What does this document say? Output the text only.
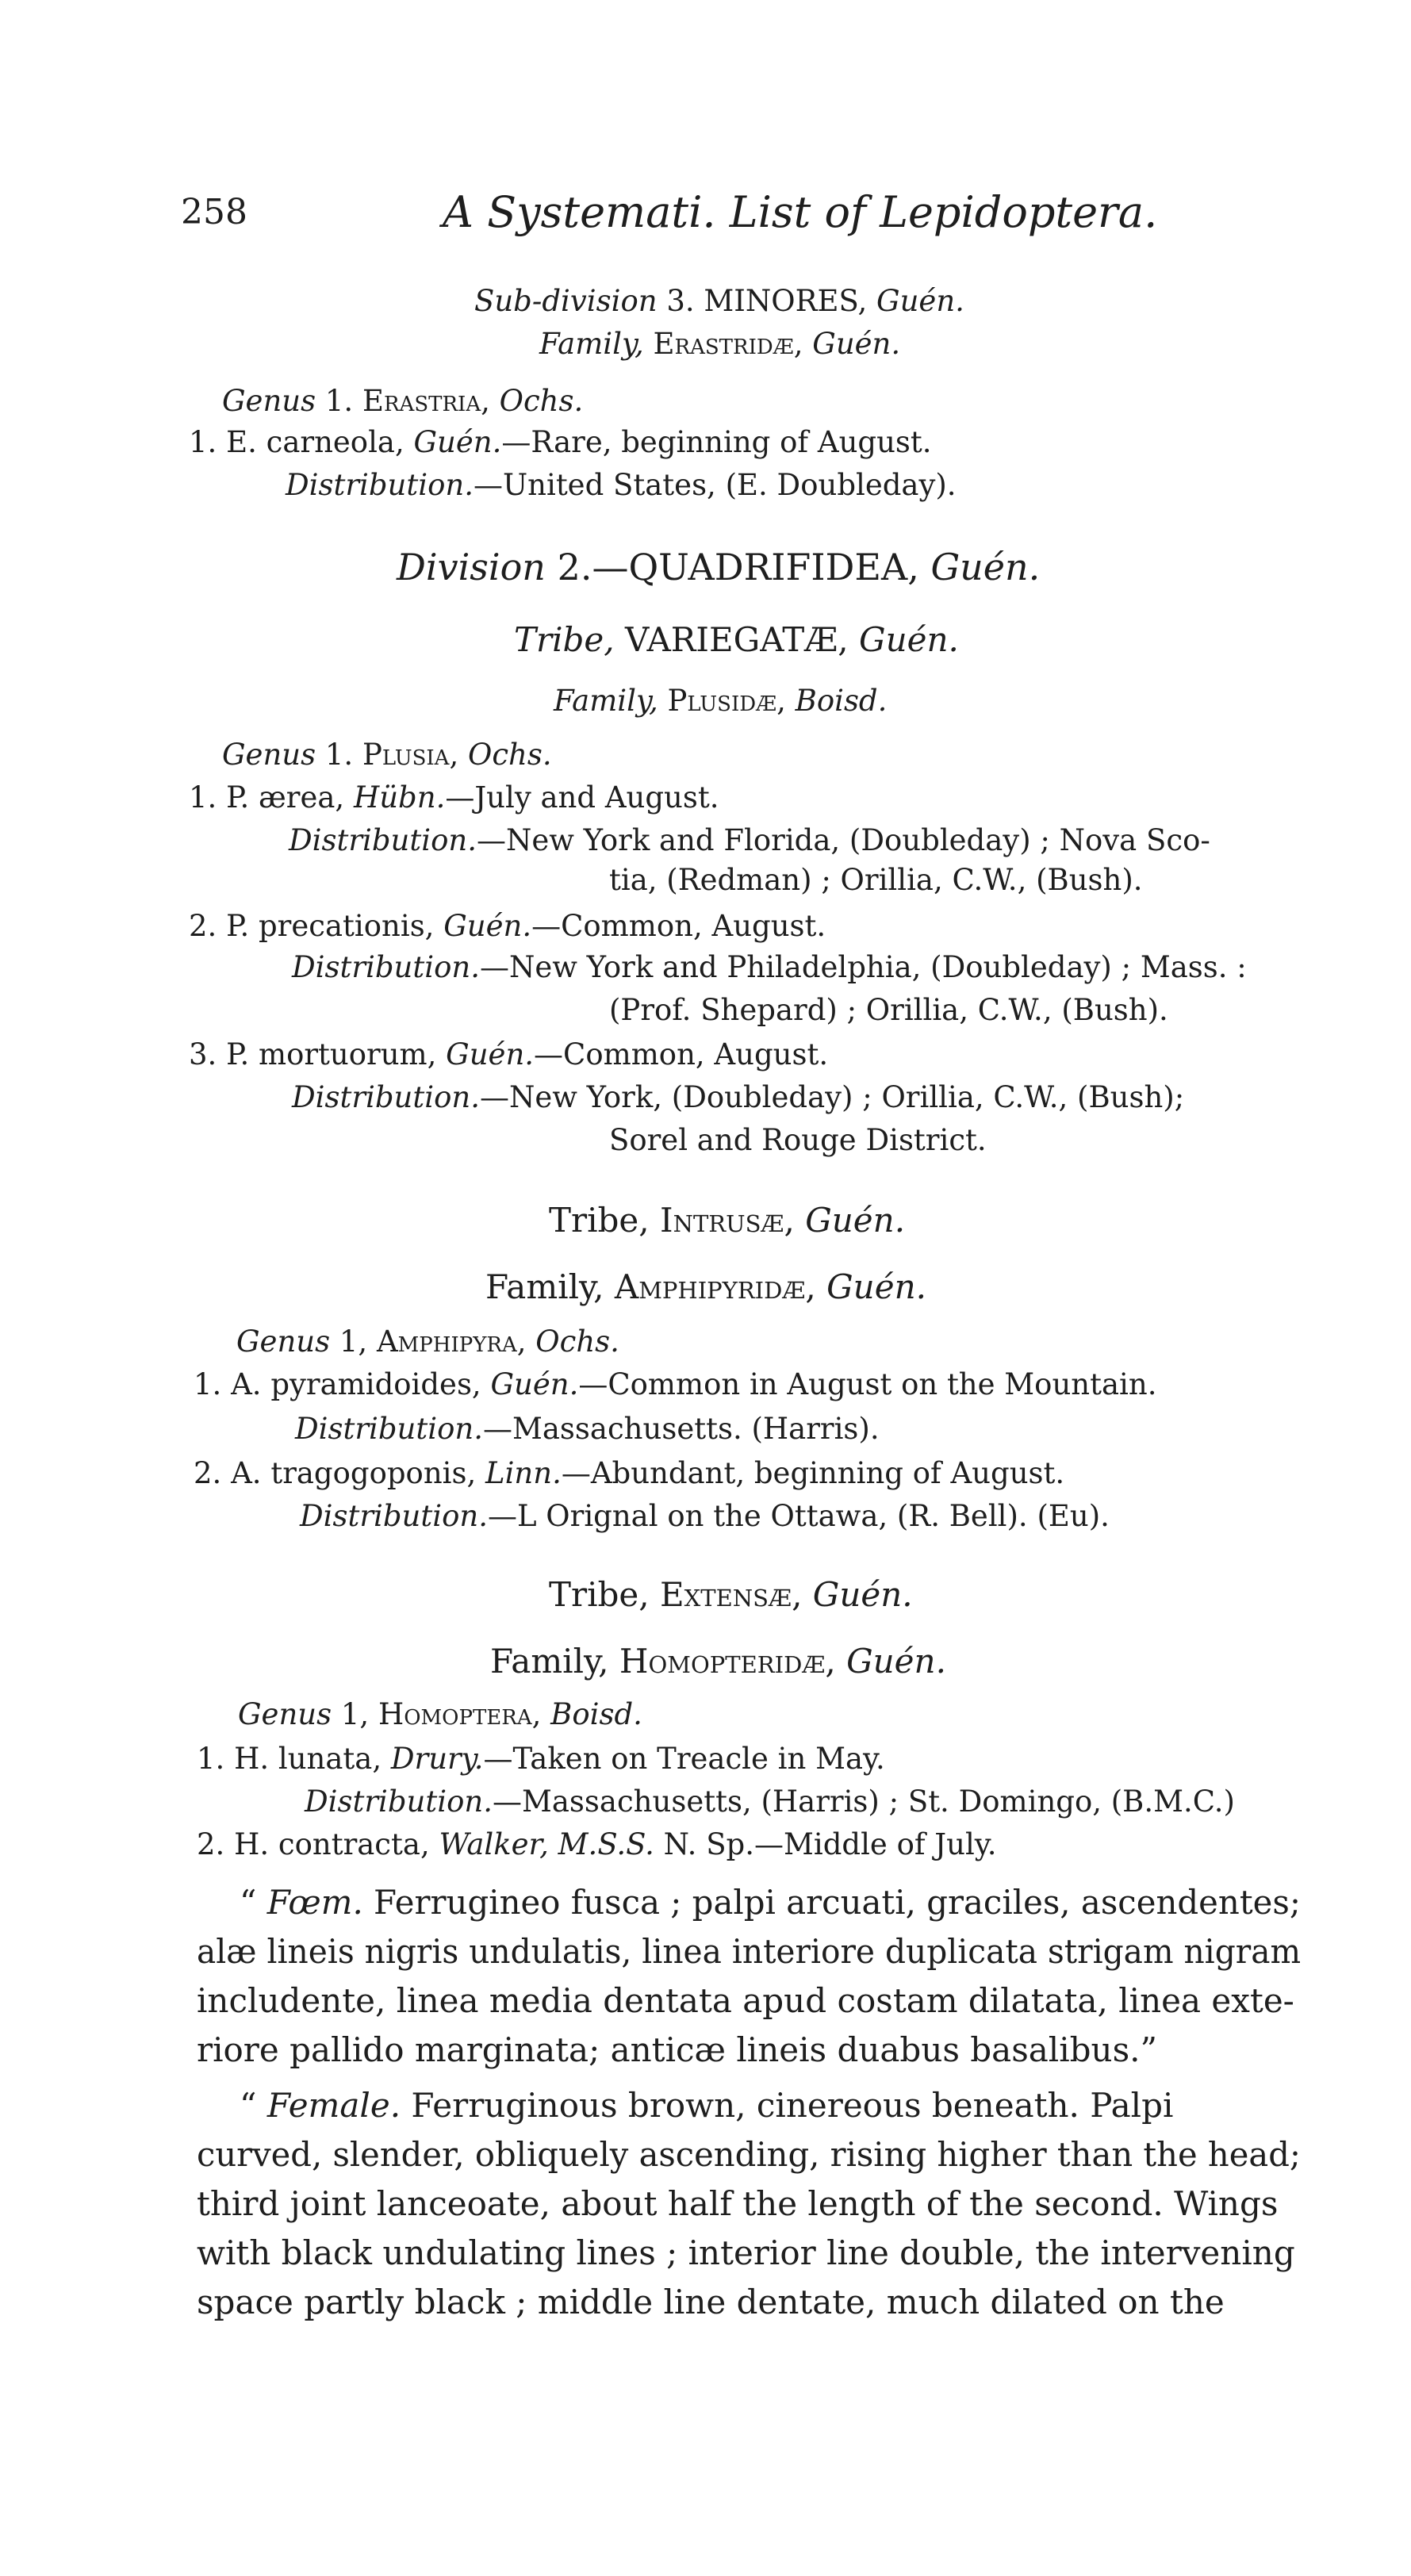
258	A Systemati. List of Lepidoptera.
Sub-division 3. MINORES, Guén.
Family, Erastridæ, Guén.
Genus 1. Erastria, Ochs.
1. E. carneola, Guén.—Rare, beginning of August.
Distribution.—United States, (E. Doubleday).
Division 2.—QUADRIFIDEA, Guén.
Tribe, VARIEGATÆ, Guén.
Family, Plusidæ, Boisd.
Genus 1. Plusia, Ochs.
1. P. ærea, Hübn.—July and August.
Distribution.—New York and Florida, (Doubleday) ; Nova Sco-
tia, (Redman) ; Orillia, C.W., (Bush).
2. P. precationis, Guén.—Common, August.
Distribution.—New York and Philadelphia, (Doubleday) ; Mass. :
(Prof. Shepard) ; Orillia, C.W., (Bush).
3. P. mortuorum, Guén.—Common, August.
Distribution.—New York, (Doubleday) ; Orillia, C.W., (Bush);
Sorel and Rouge District.
Tribe, Intrusæ, Guén.
Family, Amphipyridæ, Guén.
Genus 1, Amphipyra, Ochs.
1. A. pyramidoides, Guén.—Common in August on the Mountain.
Distribution.—Massachusetts. (Harris).
2. A. tragogoponis, Linn.—Abundant, beginning of August.
Distribution.—L Orignal on the Ottawa, (R. Bell). (Eu).
Tribe, Extensæ, Guén.
Family, Homopteridæ, Guén.
Genus 1, Homoptera, Boisd.
1. H. lunata, Drury.—Taken on Treacle in May.
Distribution.—Massachusetts, (Harris) ; St. Domingo, (B.M.C.)
2. H. contracta, Walker, M.S.S. N. Sp.—Middle of July.
“ Fœm. Ferrugineo fusca ; palpi arcuati, graciles, ascendentes;
alæ lineis nigris undulatis, linea interiore duplicata strigam nigram
includente, linea media dentata apud costam dilatata, linea exte-
riore pallido marginata; anticæ lineis duabus basalibus.”
“ Female. Ferruginous brown, cinereous beneath. Palpi
curved, slender, obliquely ascending, rising higher than the head;
third joint lanceoate, about half the length of the second. Wings
with black undulating lines ; interior line double, the intervening
space partly black ; middle line dentate, much dilated on the
